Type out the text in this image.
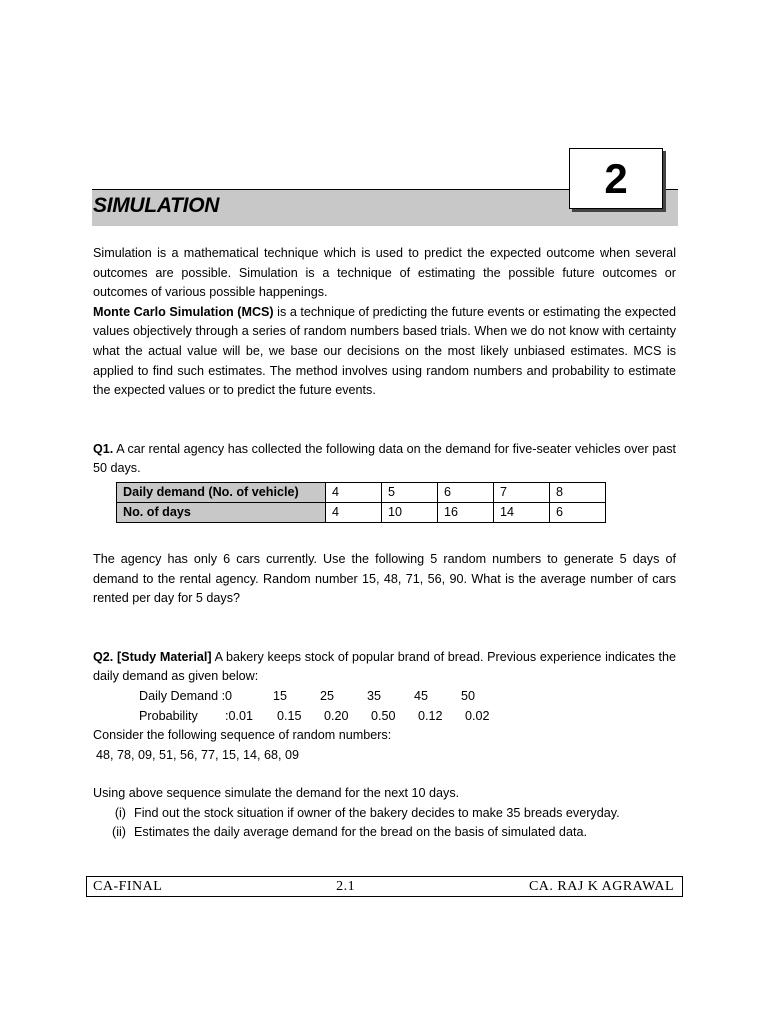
SIMULATION
2

Simulation is a mathematical technique which is used to predict the expected outcome when several outcomes are possible. Simulation is a technique of estimating the possible future outcomes or outcomes of various possible happenings.

Monte Carlo Simulation (MCS) is a technique of predicting the future events or estimating the expected values objectively through a series of random numbers based trials. When we do not know with certainty what the actual value will be, we base our decisions on the most likely unbiased estimates. MCS is applied to find such estimates. The method involves using random numbers and probability to estimate the expected values or to predict the future events.

Q1. A car rental agency has collected the following data on the demand for five-seater vehicles over past 50 days.

Daily demand (No. of vehicle)	4	5	6	7	8
No. of days	4	10	16	14	6

The agency has only 6 cars currently. Use the following 5 random numbers to generate 5 days of demand to the rental agency. Random number 15, 48, 71, 56, 90. What is the average number of cars rented per day for 5 days?

Q2. [Study Material] A bakery keeps stock of popular brand of bread. Previous experience indicates the daily demand as given below:

Daily Demand : 0	15	25	35	45	50
Probability	:0.01	0.15	0.20	0.50	0.12	0.02

Consider the following sequence of random numbers:

48, 78, 09, 51, 56, 77, 15, 14, 68, 09

Using above sequence simulate the demand for the next 10 days.

(i) Find out the stock situation if owner of the bakery decides to make 35 breads everyday.
(ii) Estimates the daily average demand for the bread on the basis of simulated data.
CA-FINAL	2.1	CA. RAJ K AGRAWAL
